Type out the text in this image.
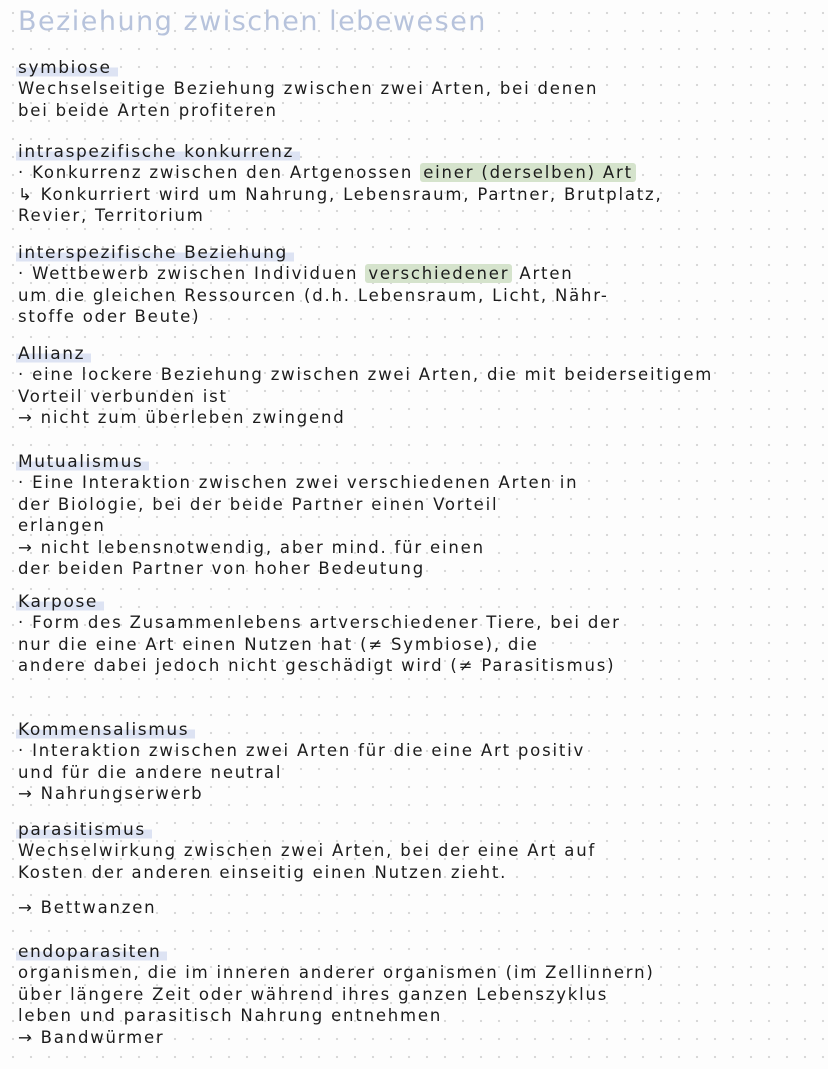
Beziehung zwischen lebewesen
symbiose
Wechselseitige Beziehung zwischen zwei Arten, bei denen
bei beide Arten profiteren
intraspezifische konkurrenz
· Konkurrenz zwischen den Artgenossen einer (derselben) Art
↳ Konkurriert wird um Nahrung, Lebensraum, Partner, Brutplatz,
Revier, Territorium
interspezifische Beziehung
· Wettbewerb zwischen Individuen verschiedener Arten
um die gleichen Ressourcen (d.h. Lebensraum, Licht, Nähr-
stoffe oder Beute)
Allianz
· eine lockere Beziehung zwischen zwei Arten, die mit beiderseitigem
Vorteil verbunden ist
→ nicht zum überleben zwingend
Mutualismus
· Eine Interaktion zwischen zwei verschiedenen Arten in
der Biologie, bei der beide Partner einen Vorteil
erlangen
→ nicht lebensnotwendig, aber mind. für einen
der beiden Partner von hoher Bedeutung
Karpose
· Form des Zusammenlebens artverschiedener Tiere, bei der
nur die eine Art einen Nutzen hat (≠ Symbiose), die
andere dabei jedoch nicht geschädigt wird (≠ Parasitismus)
Kommensalismus
· Interaktion zwischen zwei Arten für die eine Art positiv
und für die andere neutral
→ Nahrungserwerb
parasitismus
Wechselwirkung zwischen zwei Arten, bei der eine Art auf
Kosten der anderen einseitig einen Nutzen zieht.
→ Bettwanzen
endoparasiten
organismen, die im inneren anderer organismen (im Zellinnern)
über längere Zeit oder während ihres ganzen Lebenszyklus
leben und parasitisch Nahrung entnehmen
→ Bandwürmer
